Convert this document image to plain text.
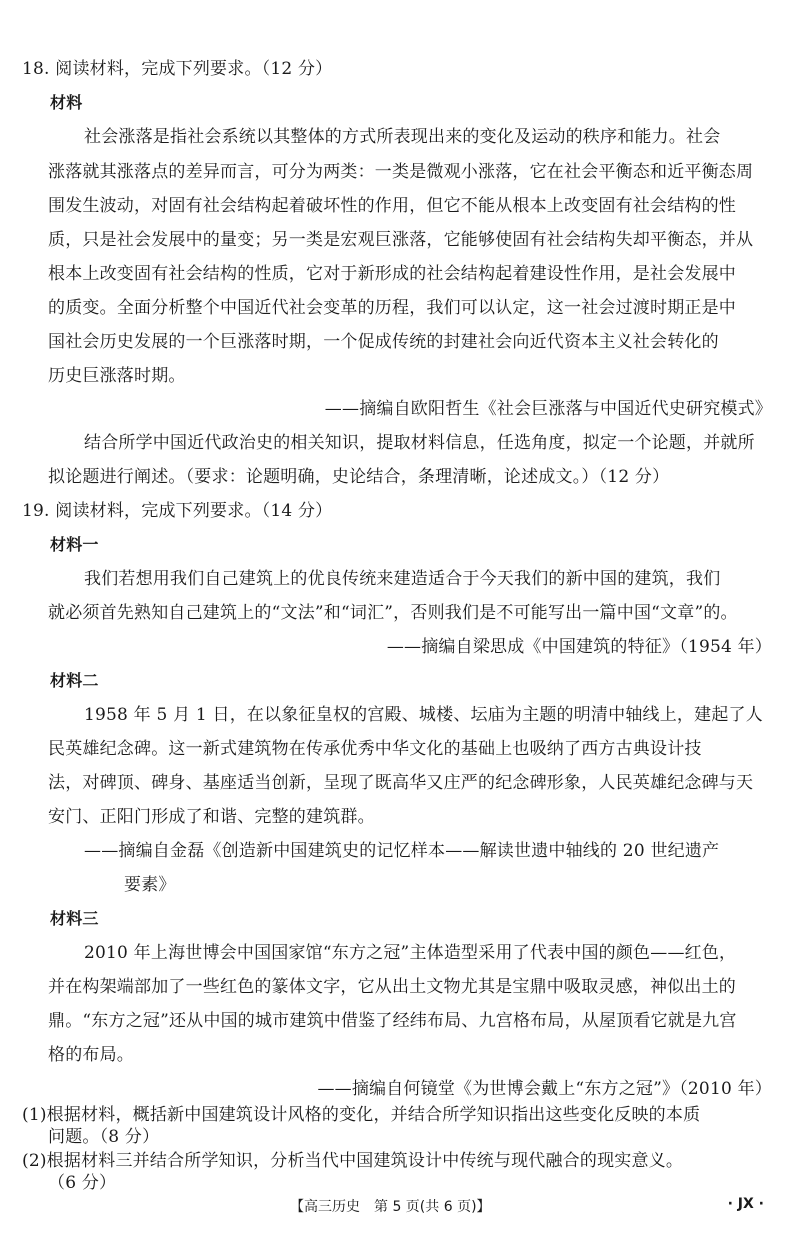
18. 阅读材料，完成下列要求。（12 分）
材料
社会涨落是指社会系统以其整体的方式所表现出来的变化及运动的秩序和能力。社会
涨落就其涨落点的差异而言，可分为两类：一类是微观小涨落，它在社会平衡态和近平衡态周
围发生波动，对固有社会结构起着破坏性的作用，但它不能从根本上改变固有社会结构的性
质，只是社会发展中的量变；另一类是宏观巨涨落，它能够使固有社会结构失却平衡态，并从
根本上改变固有社会结构的性质，它对于新形成的社会结构起着建设性作用，是社会发展中
的质变。全面分析整个中国近代社会变革的历程，我们可以认定，这一社会过渡时期正是中
国社会历史发展的一个巨涨落时期，一个促成传统的封建社会向近代资本主义社会转化的
历史巨涨落时期。
——摘编自欧阳哲生《社会巨涨落与中国近代史研究模式》
结合所学中国近代政治史的相关知识，提取材料信息，任选角度，拟定一个论题，并就所
拟论题进行阐述。（要求：论题明确，史论结合，条理清晰，论述成文。）（12 分）
19. 阅读材料，完成下列要求。（14 分）
材料一
我们若想用我们自己建筑上的优良传统来建造适合于今天我们的新中国的建筑，我们
就必须首先熟知自己建筑上的“文法”和“词汇”，否则我们是不可能写出一篇中国“文章”的。
——摘编自梁思成《中国建筑的特征》（1954 年）
材料二
1958 年 5 月 1 日，在以象征皇权的宫殿、城楼、坛庙为主题的明清中轴线上，建起了人
民英雄纪念碑。这一新式建筑物在传承优秀中华文化的基础上也吸纳了西方古典设计技
法，对碑顶、碑身、基座适当创新，呈现了既高华又庄严的纪念碑形象，人民英雄纪念碑与天
安门、正阳门形成了和谐、完整的建筑群。
——摘编自金磊《创造新中国建筑史的记忆样本——解读世遗中轴线的 20 世纪遗产
要素》
材料三
2010 年上海世博会中国国家馆“东方之冠”主体造型采用了代表中国的颜色——红色，
并在构架端部加了一些红色的篆体文字，它从出土文物尤其是宝鼎中吸取灵感，神似出土的
鼎。“东方之冠”还从中国的城市建筑中借鉴了经纬布局、九宫格布局，从屋顶看它就是九宫
格的布局。
——摘编自何镜堂《为世博会戴上“东方之冠”》（2010 年）
(1)根据材料，概括新中国建筑设计风格的变化，并结合所学知识指出这些变化反映的本质
问题。（8 分）
(2)根据材料三并结合所学知识，分析当代中国建筑设计中传统与现代融合的现实意义。
（6 分）
【高三历史　第 5 页(共 6 页)】	· JX ·
